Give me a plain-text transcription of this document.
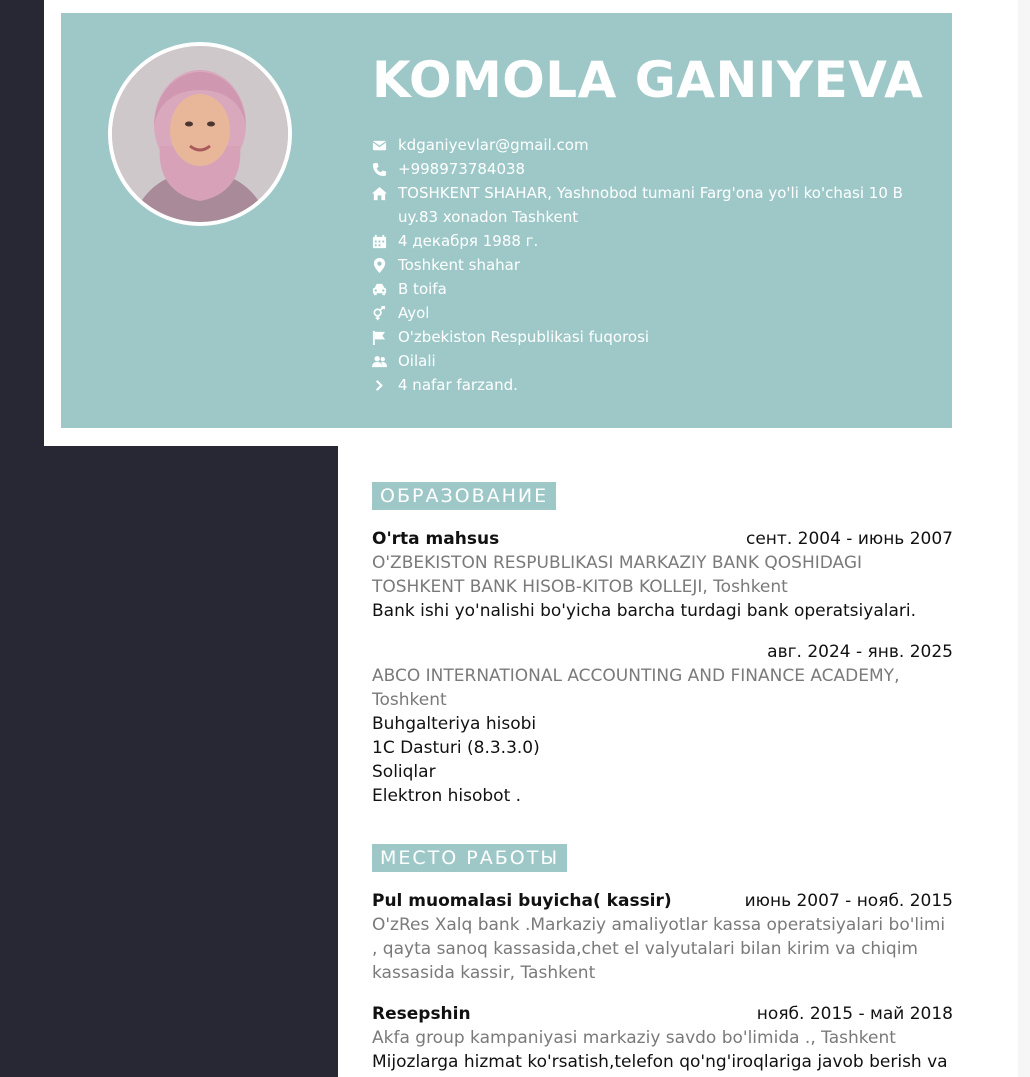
KOMOLA GANIYEVA
kdganiyevlar@gmail.com
+998973784038
TOSHKENT SHAHAR, Yashnobod tumani Farg'ona yo'li ko'chasi 10 B uy.83 xonadon Tashkent
4 декабря 1988 г.
Toshkent shahar
B toifa
Ayol
O'zbekiston Respublikasi fuqorosi
Oilali
4 nafar farzand.
ОБРАЗОВАНИЕ
O'rta mahsus	сент. 2004 - июнь 2007
O'ZBEKISTON RESPUBLIKASI MARKAZIY BANK QOSHIDAGI TOSHKENT BANK HISOB-KITOB KOLLEJI, Toshkent
Bank ishi yo'nalishi bo'yicha barcha turdagi bank operatsiyalari.
авг. 2024 - янв. 2025
ABCO INTERNATIONAL ACCOUNTING AND FINANCE ACADEMY, Toshkent
Buhgalteriya hisobi
1C Dasturi (8.3.3.0)
Soliqlar
Elektron hisobot .
МЕСТО РАБОТЫ
Pul muomalasi buyicha( kassir)	июнь 2007 - нояб. 2015
O'zRes Xalq bank .Markaziy amaliyotlar kassa operatsiyalari bo'limi , qayta sanoq kassasida,chet el valyutalari bilan kirim va chiqim kassasida kassir, Tashkent
Resepshin	нояб. 2015 - май 2018
Akfa group kampaniyasi markaziy savdo bo'limida ., Tashkent
Mijozlarga hizmat ko'rsatish,telefon qo'ng'iroqlariga javob berish va
